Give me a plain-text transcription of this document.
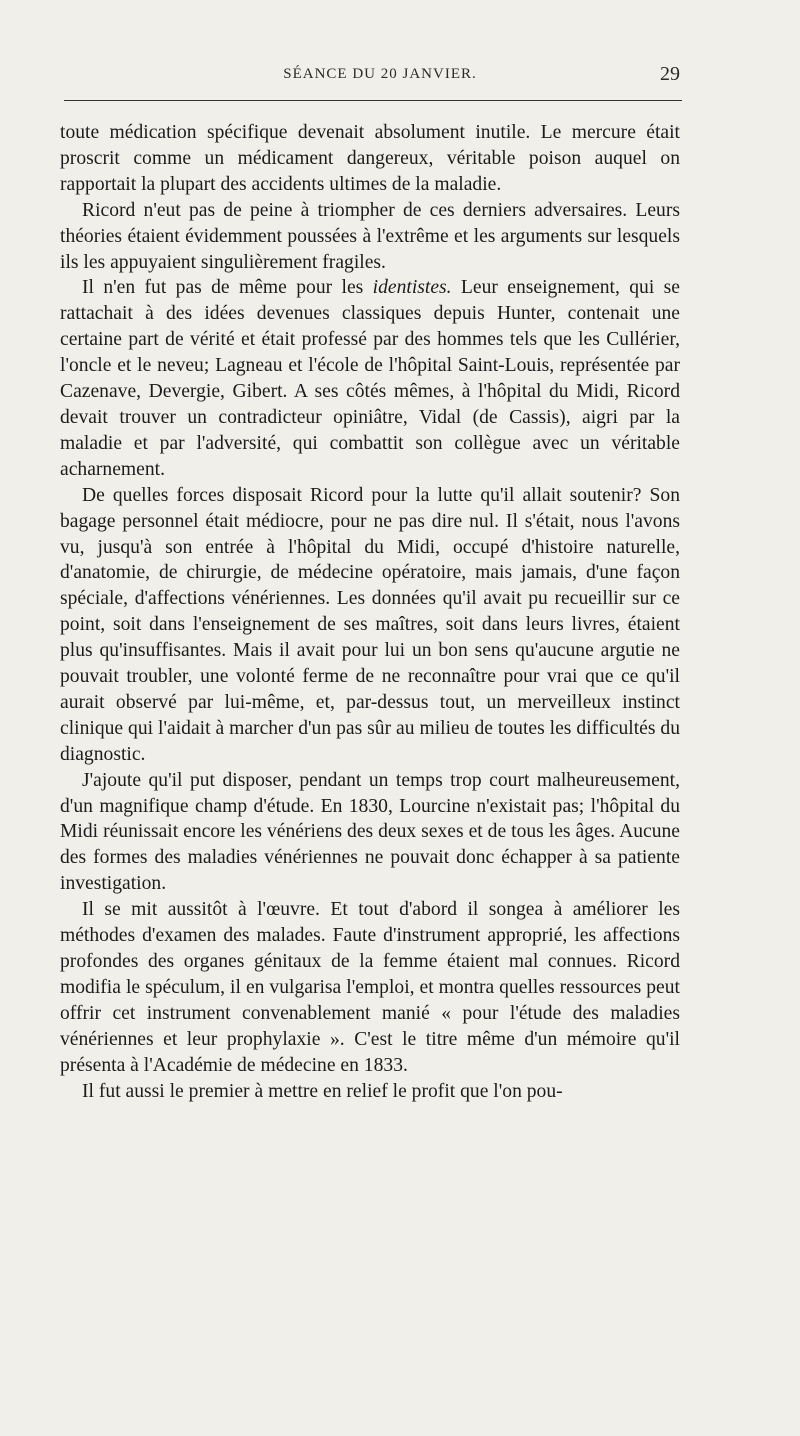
SÉANCE DU 20 JANVIER.	29

toute médication spécifique devenait absolument inutile. Le mercure était proscrit comme un médicament dangereux, véritable poison auquel on rapportait la plupart des accidents ultimes de la maladie.

Ricord n'eut pas de peine à triompher de ces derniers adversaires. Leurs théories étaient évidemment poussées à l'extrême et les arguments sur lesquels ils les appuyaient singulièrement fragiles.

Il n'en fut pas de même pour les identistes. Leur enseignement, qui se rattachait à des idées devenues classiques depuis Hunter, contenait une certaine part de vérité et était professé par des hommes tels que les Cullérier, l'oncle et le neveu; Lagneau et l'école de l'hôpital Saint-Louis, représentée par Cazenave, Devergie, Gibert. A ses côtés mêmes, à l'hôpital du Midi, Ricord devait trouver un contradicteur opiniâtre, Vidal (de Cassis), aigri par la maladie et par l'adversité, qui combattit son collègue avec un véritable acharnement.

De quelles forces disposait Ricord pour la lutte qu'il allait soutenir? Son bagage personnel était médiocre, pour ne pas dire nul. Il s'était, nous l'avons vu, jusqu'à son entrée à l'hôpital du Midi, occupé d'histoire naturelle, d'anatomie, de chirurgie, de médecine opératoire, mais jamais, d'une façon spéciale, d'affections vénériennes. Les données qu'il avait pu recueillir sur ce point, soit dans l'enseignement de ses maîtres, soit dans leurs livres, étaient plus qu'insuffisantes. Mais il avait pour lui un bon sens qu'aucune argutie ne pouvait troubler, une volonté ferme de ne reconnaître pour vrai que ce qu'il aurait observé par lui-même, et, par-dessus tout, un merveilleux instinct clinique qui l'aidait à marcher d'un pas sûr au milieu de toutes les difficultés du diagnostic.

J'ajoute qu'il put disposer, pendant un temps trop court malheureusement, d'un magnifique champ d'étude. En 1830, Lourcine n'existait pas; l'hôpital du Midi réunissait encore les vénériens des deux sexes et de tous les âges. Aucune des formes des maladies vénériennes ne pouvait donc échapper à sa patiente investigation.

Il se mit aussitôt à l'œuvre. Et tout d'abord il songea à améliorer les méthodes d'examen des malades. Faute d'instrument approprié, les affections profondes des organes génitaux de la femme étaient mal connues. Ricord modifia le spéculum, il en vulgarisa l'emploi, et montra quelles ressources peut offrir cet instrument convenablement manié « pour l'étude des maladies vénériennes et leur prophylaxie ». C'est le titre même d'un mémoire qu'il présenta à l'Académie de médecine en 1833.

Il fut aussi le premier à mettre en relief le profit que l'on pou-
